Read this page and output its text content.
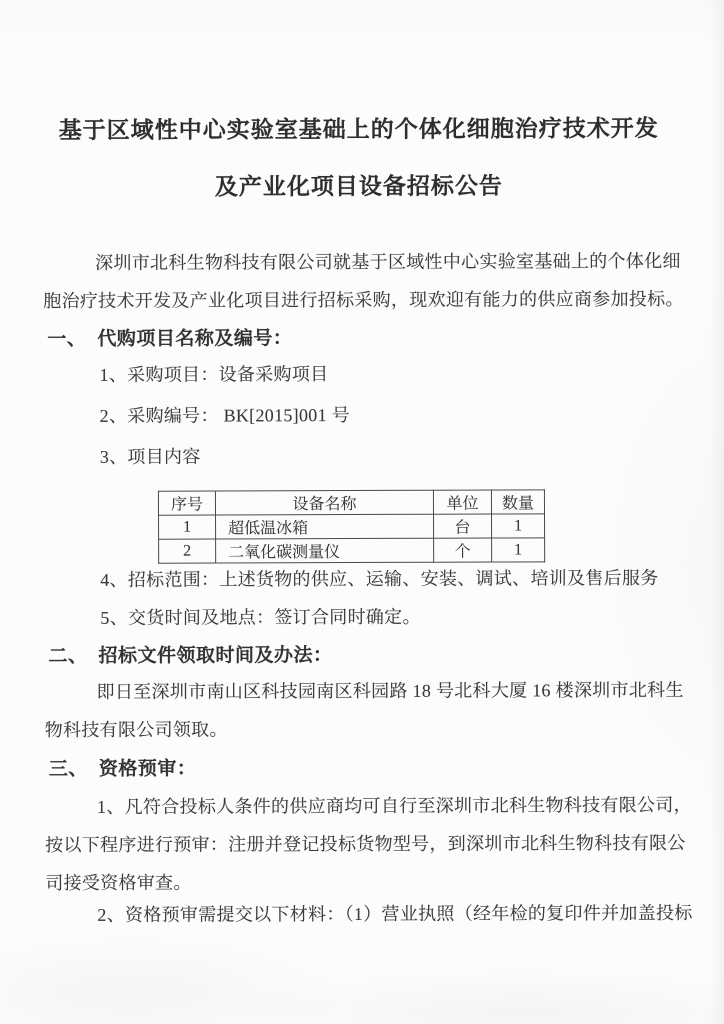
基于区域性中心实验室基础上的个体化细胞治疗技术开发
及产业化项目设备招标公告

深圳市北科生物科技有限公司就基于区域性中心实验室基础上的个体化细
胞治疗技术开发及产业化项目进行招标采购，现欢迎有能力的供应商参加投标。

一、 代购项目名称及编号：
1、采购项目：设备采购项目
2、采购编号： BK[2015]001 号
3、项目内容
序号	设备名称	单位	数量
1	超低温冰箱	台	1
2	二氧化碳测量仪	个	1
4、招标范围：上述货物的供应、运输、安装、调试、培训及售后服务
5、交货时间及地点：签订合同时确定。
二、 招标文件领取时间及办法：

即日至深圳市南山区科技园南区科园路 18 号北科大厦 16 楼深圳市北科生
物科技有限公司领取。

三、 资格预审：

1、凡符合投标人条件的供应商均可自行至深圳市北科生物科技有限公司，
按以下程序进行预审：注册并登记投标货物型号，到深圳市北科生物科技有限公
司接受资格审查。

2、资格预审需提交以下材料：（1）营业执照（经年检的复印件并加盖投标
